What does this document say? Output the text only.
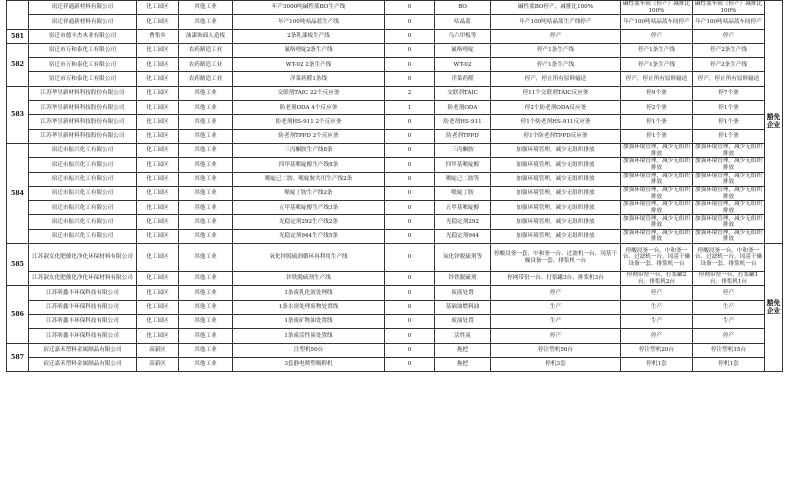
	宿迁祥通新材料有限公司	化工园区	其他工业	年产3000吨碱性蓝BO生产线	0	BO	碱性蓝BO停产，减排比100%	碱性蓝车间（停产）减排比100%	碱性蓝车间（停产）减排比100%	豁免企业
	宿迁祥通新材料有限公司	化工园区	其他工业	年产100吨咕晶蓝生产线	0	咕晶蓝	年产100吨咕晶蓝生产线停产	年产100吨咕晶蓝车间停产	年产100吨咕晶蓝车间停产	
581	宿迁市德丰杰木业有限公司	曹集乡	油漆饰面人造板	2条乳漆板生产线	0	乌六甲板等	停产	停产	停产	
582	宿迁市万和泰化工有限公司	化工园区	农药制造工业	氟咯喹啶2条生产线	0	氟咯喹啶	停产1条生产线	停产1条生产线	停产2条生产线	
	宿迁市万和泰化工有限公司	化工园区	农药制造工业	WT-02 2条生产线	0	WT-02	停产1条生产线	停产1条生产线	停产2条生产线	
	宿迁市万和泰化工有限公司	化工园区	农药制造工业	洋菜药醛1条线	0	洋菜药醛	停产，停止所有原料输送	停产，停止所有原料输送	停产，停止所有原料输送	
583	江苏华昱新材料科技股份有限公司	化工园区	其他工业	交联剂TAIC 22个反应釜	2	交联剂TAIC	停11个交联剂TAIC反应釜	停9个釜	停7个釜	
	江苏华昱新材料科技股份有限公司	化工园区	其他工业	防老剂ODA 4个反应釜	1	防老剂ODA	停2个防老剂ODA反应釜	停2个釜	停1个釜	
	江苏华昱新材料科技股份有限公司	化工园区	其他工业	防老剂HS-911 2个反应釜	0	防老剂HS-911	停1个防老剂HS-911反应釜	停1个釜	停1个釜	
	江苏华昱新材料科技股份有限公司	化工园区	其他工业	防老剂TPPD 2个反应釜	0	防老剂TPPD	停1个防老剂TPPD反应釜	停1个釜	停1个釜	
584	宿迁市振兴化工有限公司	化工园区	其他工业	三丙酮胺生产线8条	0	三丙酮胺	加强环境管理，减少无组织排放	加强环境管理，减少无组织排放	加强环境管理，减少无组织排放	
	宿迁市振兴化工有限公司	化工园区	其他工业	四甲基哌啶醇生产线8条	0	四甲基哌啶醇	加强环境管理，减少无组织排放	加强环境管理，减少无组织排放	加强环境管理，减少无组织排放	
	宿迁市振兴化工有限公司	化工园区	其他工业	哌啶己二胺、哌啶胺共用生产线2条	0	哌啶己二胺等	加强环境管理，减少无组织排放	加强环境管理，减少无组织排放	加强环境管理，减少无组织排放	
	宿迁市振兴化工有限公司	化工园区	其他工业	哌啶丁胺生产线2条	0	哌啶丁胺	加强环境管理，减少无组织排放	加强环境管理，减少无组织排放	加强环境管理，减少无组织排放	
	宿迁市振兴化工有限公司	化工园区	其他工业	五甲基哌啶醇生产线3条	0	五甲基哌啶醇	加强环境管理，减少无组织排放	加强环境管理，减少无组织排放	加强环境管理，减少无组织排放	
	宿迁市振兴化工有限公司	化工园区	其他工业	光稳定剂292生产线2条	0	光稳定剂292	加强环境管理，减少无组织排放	加强环境管理，减少无组织排放	加强环境管理，减少无组织排放	
	宿迁市振兴化工有限公司	化工园区	其他工业	光稳定剂944生产线5条	0	光稳定剂944	加强环境管理，减少无组织排放	加强环境管理，减少无组织排放	加强环境管理，减少无组织排放	
585	江苏淑女化肥催化净化环保材料有限公司	化工园区	其他工业	氧化锌脱硫剂循环再利用生产线	0	氧化锌脱硫剂等	停酸浸釜一套、中和釜一台、过滤机一台、冈基干燥设备一套、排浆机一台	停酸浸釜一台、中和釜一台、过滤机一台、冈基干燥设备一套、排浆机一台	停酸浸釜一台、中和釜一台、过滤机一台、冈基干燥设备一套、排浆机一台	豁免企业
	江苏淑女化肥催化净化环保材料有限公司	化工园区	其他工业	锌铁脱硫剂生产线	0	锌铁脱硫剂	停网带窑一台、打浆罐3台、排浆机3台	停网带窑一台、打浆罐2台、排浆机2台	停网带窑一台、打浆罐1台、排浆机1台	
586	江苏昕鑫丰环保科技有限公司	化工园区	其他工业	1条废乳化液处理线	0	废液处置	停产	停产	停产	
	江苏昕鑫丰环保科技有限公司	化工园区	其他工业	1条水溶处理废物处置线	0	基础油燃料油	生产	生产	生产	
	江苏昕鑫丰环保科技有限公司	化工园区	其他工业	1条废矿物油处置线	0	废油处置	生产	生产	生产	
	江苏昕鑫丰环保科技有限公司	化工园区	其他工业	1条废活性炭处置线	0	活性炭	停产	停产	停产	
587	宿迁嘉禾塑料金属制品有限公司	高新区	其他工业	注塑机50台	0	拖把	停注塑机50台	停注塑机20台	停注塑机15台	
	宿迁嘉禾塑料金属制品有限公司	高新区	其他工业	3套静电喷塑吸附机	0	拖把	停机3套	停机1套	停机1套	
